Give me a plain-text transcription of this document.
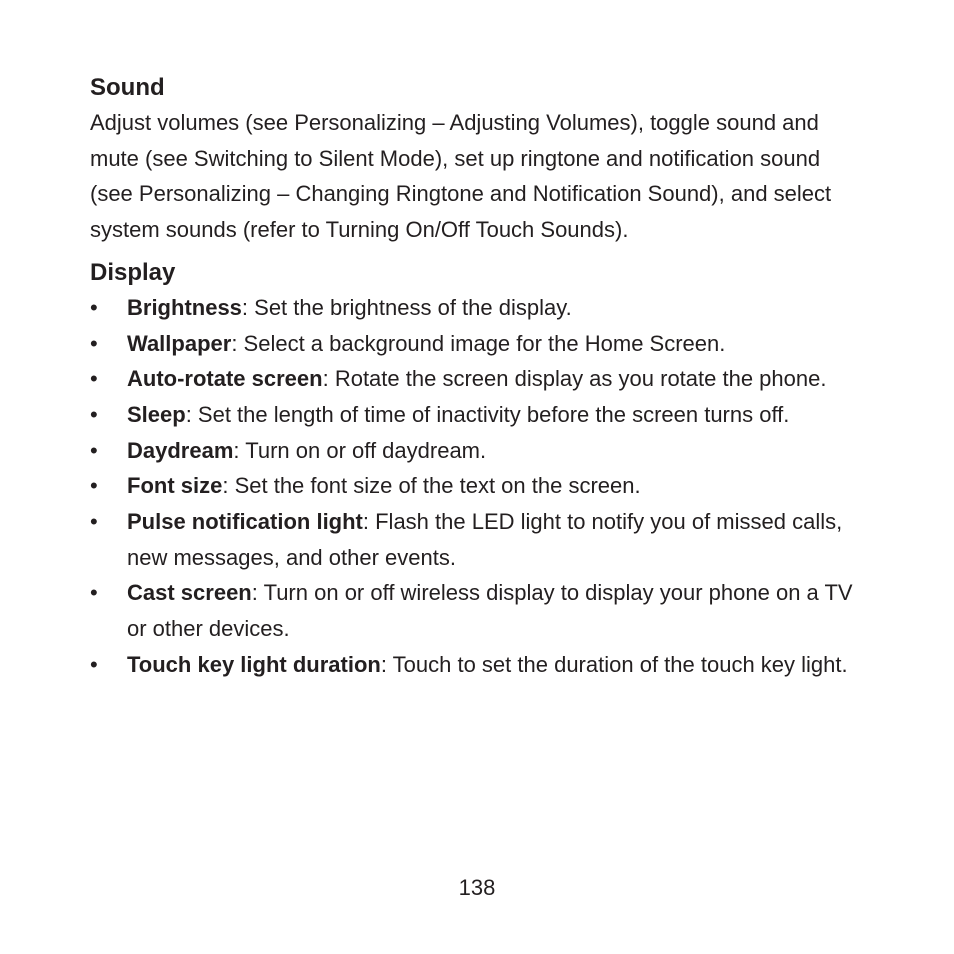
Sound

Adjust volumes (see Personalizing – Adjusting Volumes), toggle sound and mute (see Switching to Silent Mode), set up ringtone and notification sound (see Personalizing – Changing Ringtone and Notification Sound), and select system sounds (refer to Turning On/Off Touch Sounds).

Display
•	Brightness: Set the brightness of the display.
•	Wallpaper: Select a background image for the Home Screen.
•	Auto-rotate screen: Rotate the screen display as you rotate the phone.
•	Sleep: Set the length of time of inactivity before the screen turns off.
•	Daydream: Turn on or off daydream.
•	Font size: Set the font size of the text on the screen.
•	Pulse notification light: Flash the LED light to notify you of missed calls, new messages, and other events.
•	Cast screen: Turn on or off wireless display to display your phone on a TV or other devices.
•	Touch key light duration: Touch to set the duration of the touch key light.
138
